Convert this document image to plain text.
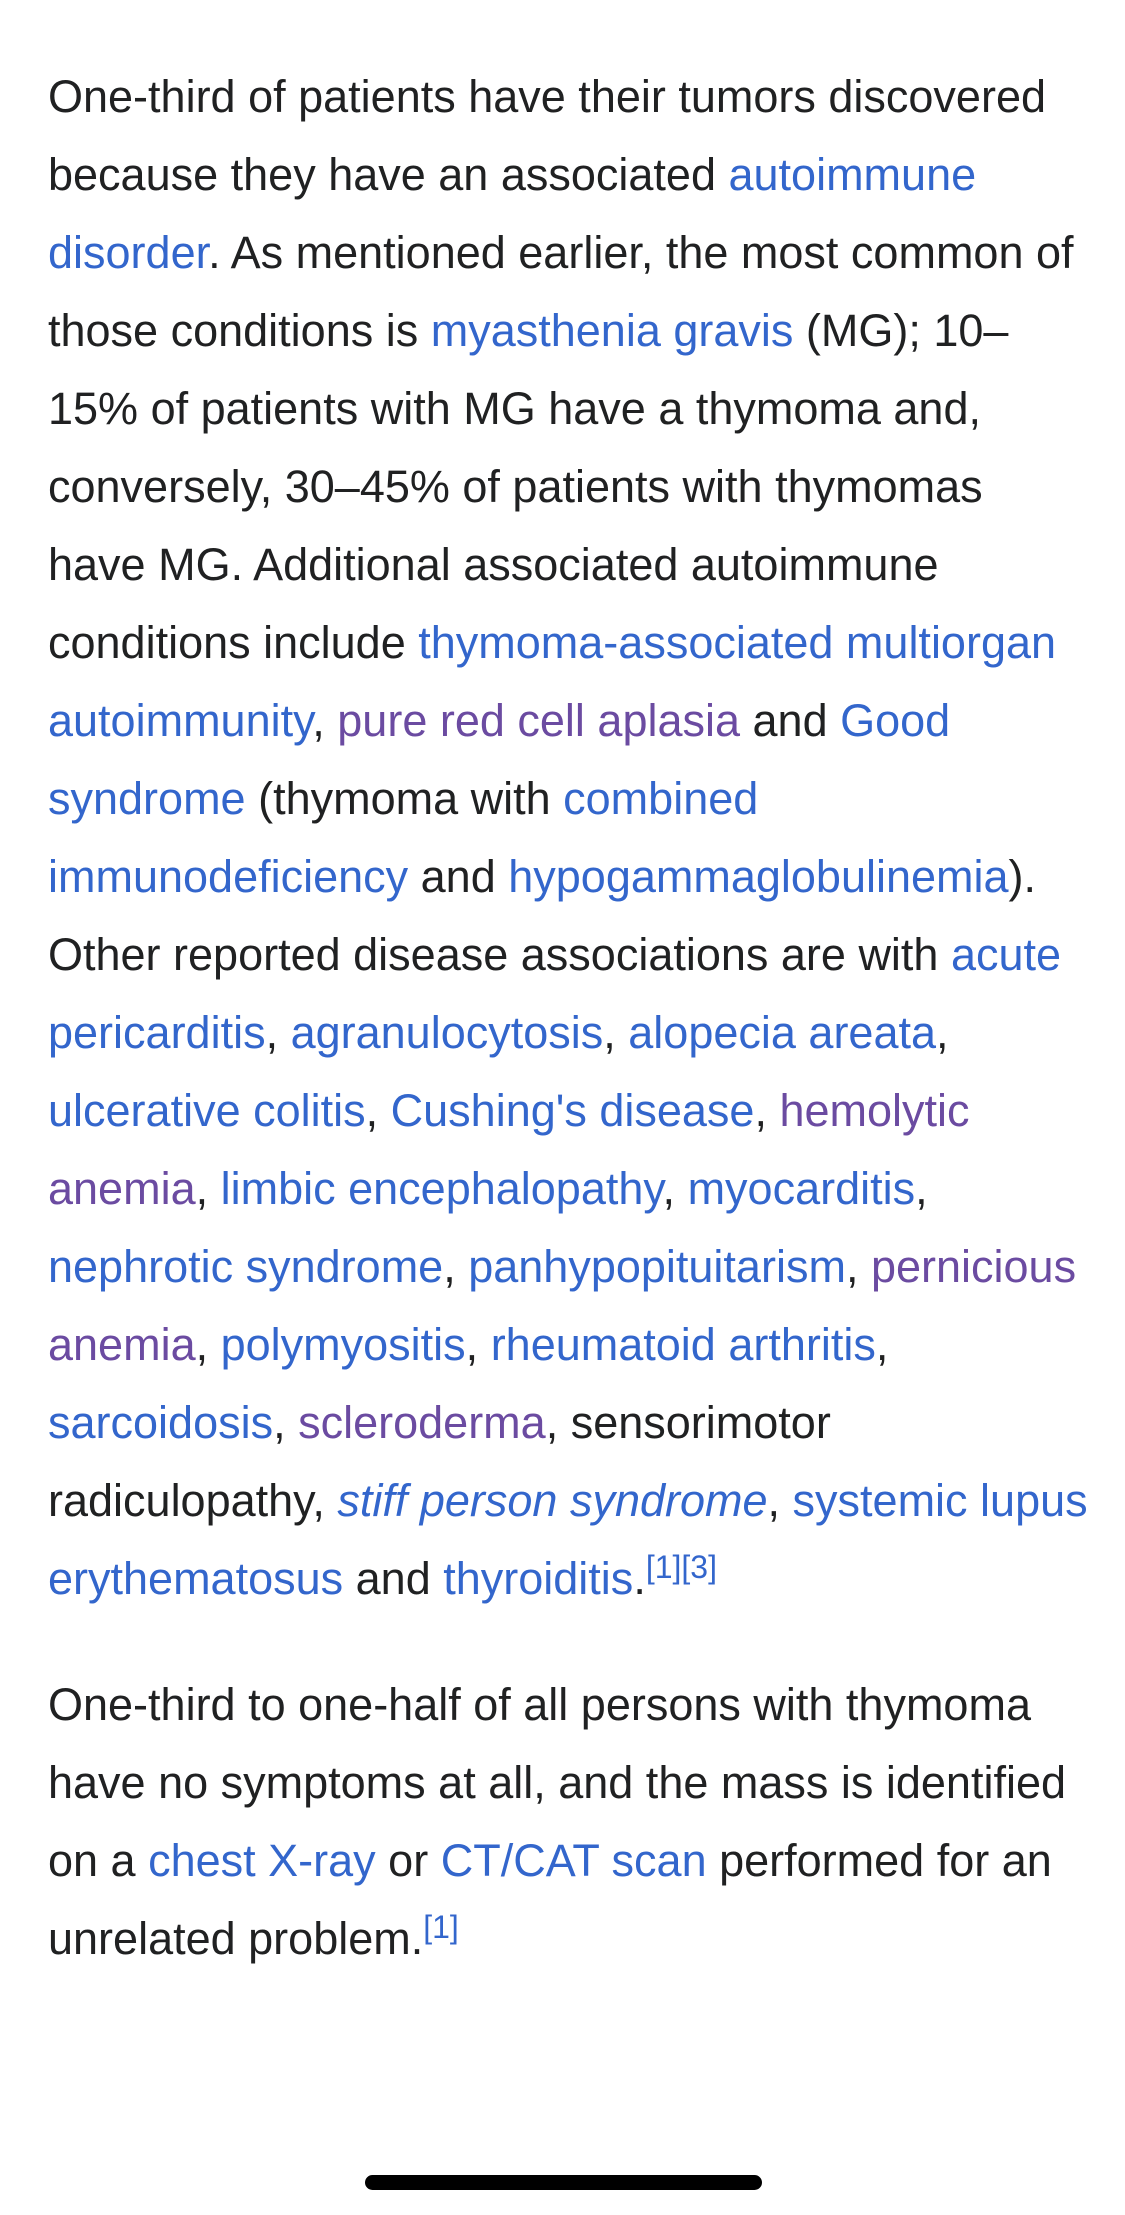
One-third of patients have their tumors discovered because they have an associated autoimmune disorder. As mentioned earlier, the most common of those conditions is myasthenia gravis (MG); 10–15% of patients with MG have a thymoma and, conversely, 30–45% of patients with thymomas have MG. Additional associated autoimmune conditions include thymoma-associated multiorgan autoimmunity, pure red cell aplasia and Good syndrome (thymoma with combined immunodeficiency and hypogammaglobulinemia). Other reported disease associations are with acute pericarditis, agranulocytosis, alopecia areata, ulcerative colitis, Cushing's disease, hemolytic anemia, limbic encephalopathy, myocarditis, nephrotic syndrome, panhypopituitarism, pernicious anemia, polymyositis, rheumatoid arthritis, sarcoidosis, scleroderma, sensorimotor radiculopathy, stiff person syndrome, systemic lupus erythematosus and thyroiditis.[1][3]

One-third to one-half of all persons with thymoma have no symptoms at all, and the mass is identified on a chest X-ray or CT/CAT scan performed for an unrelated problem.[1]
